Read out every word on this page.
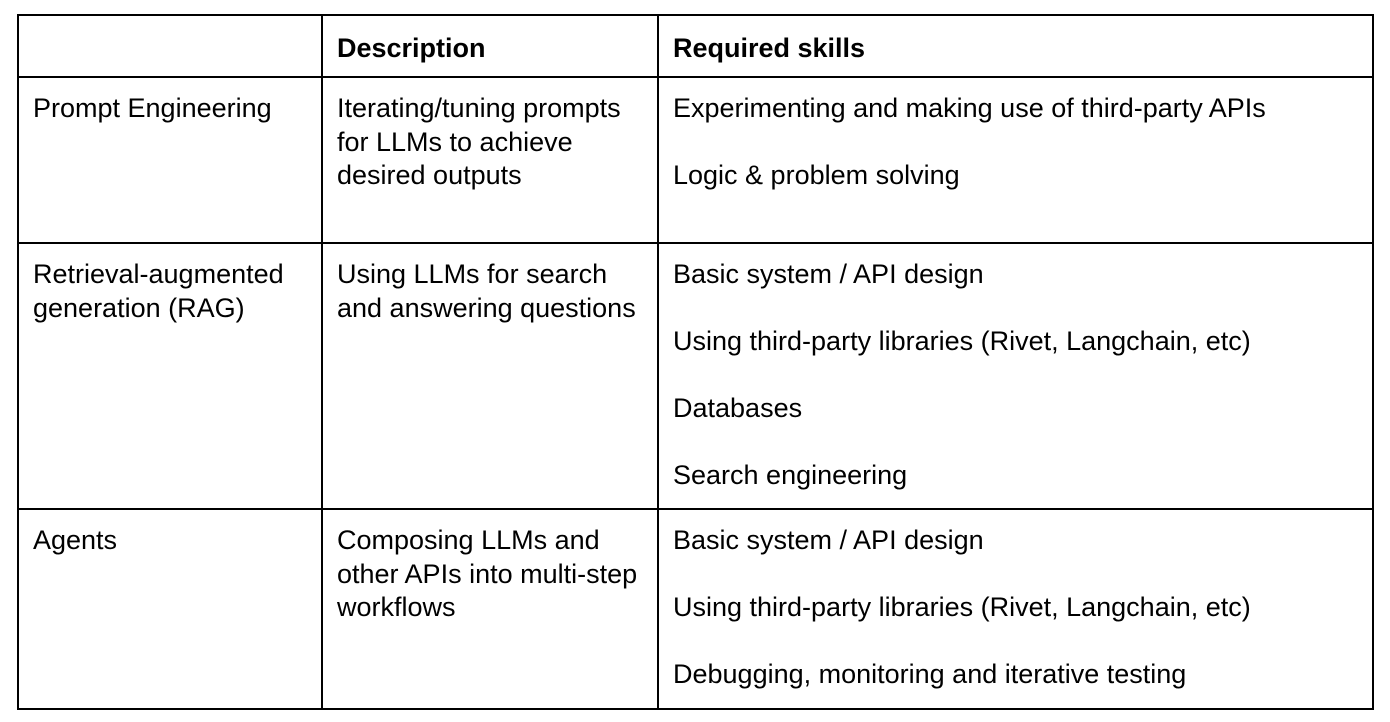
	Description	Required skills

Prompt Engineering	Iterating/tuning prompts for LLMs to achieve desired outputs	Experimenting and making use of third-party APIs
Logic & problem solving

Retrieval-augmented generation (RAG)	Using LLMs for search and answering questions	Basic system / API design
Using third-party libraries (Rivet, Langchain, etc)
Databases
Search engineering

Agents	Composing LLMs and other APIs into multi-step workflows	Basic system / API design
Using third-party libraries (Rivet, Langchain, etc)
Debugging, monitoring and iterative testing
